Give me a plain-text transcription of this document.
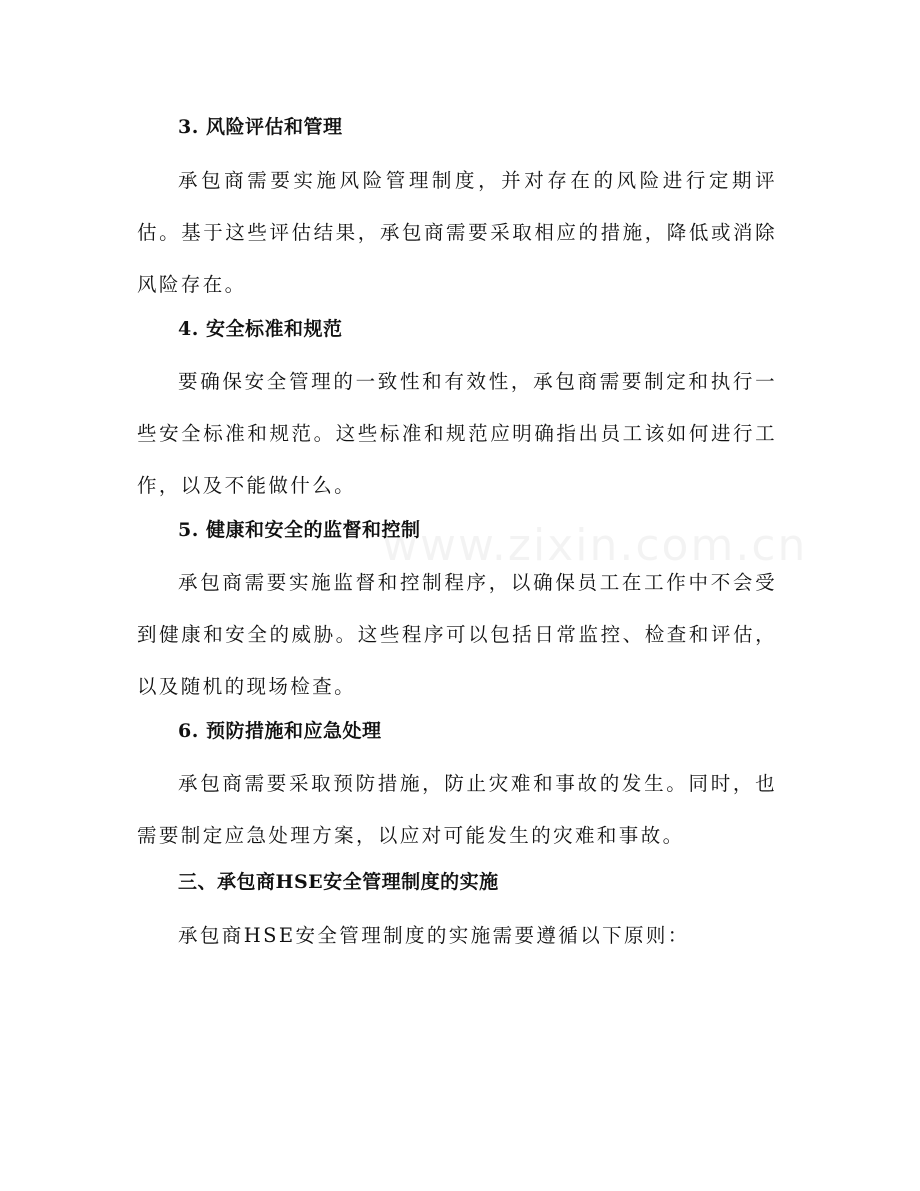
3. 风险评估和管理
承包商需要实施风险管理制度，并对存在的风险进行定期评估。基于这些评估结果，承包商需要采取相应的措施，降低或消除风险存在。
4. 安全标准和规范
要确保安全管理的一致性和有效性，承包商需要制定和执行一些安全标准和规范。这些标准和规范应明确指出员工该如何进行工作，以及不能做什么。
5. 健康和安全的监督和控制
承包商需要实施监督和控制程序，以确保员工在工作中不会受到健康和安全的威胁。这些程序可以包括日常监控、检查和评估，以及随机的现场检查。
6. 预防措施和应急处理
承包商需要采取预防措施，防止灾难和事故的发生。同时，也需要制定应急处理方案，以应对可能发生的灾难和事故。
三、承包商HSE安全管理制度的实施
承包商HSE安全管理制度的实施需要遵循以下原则：
